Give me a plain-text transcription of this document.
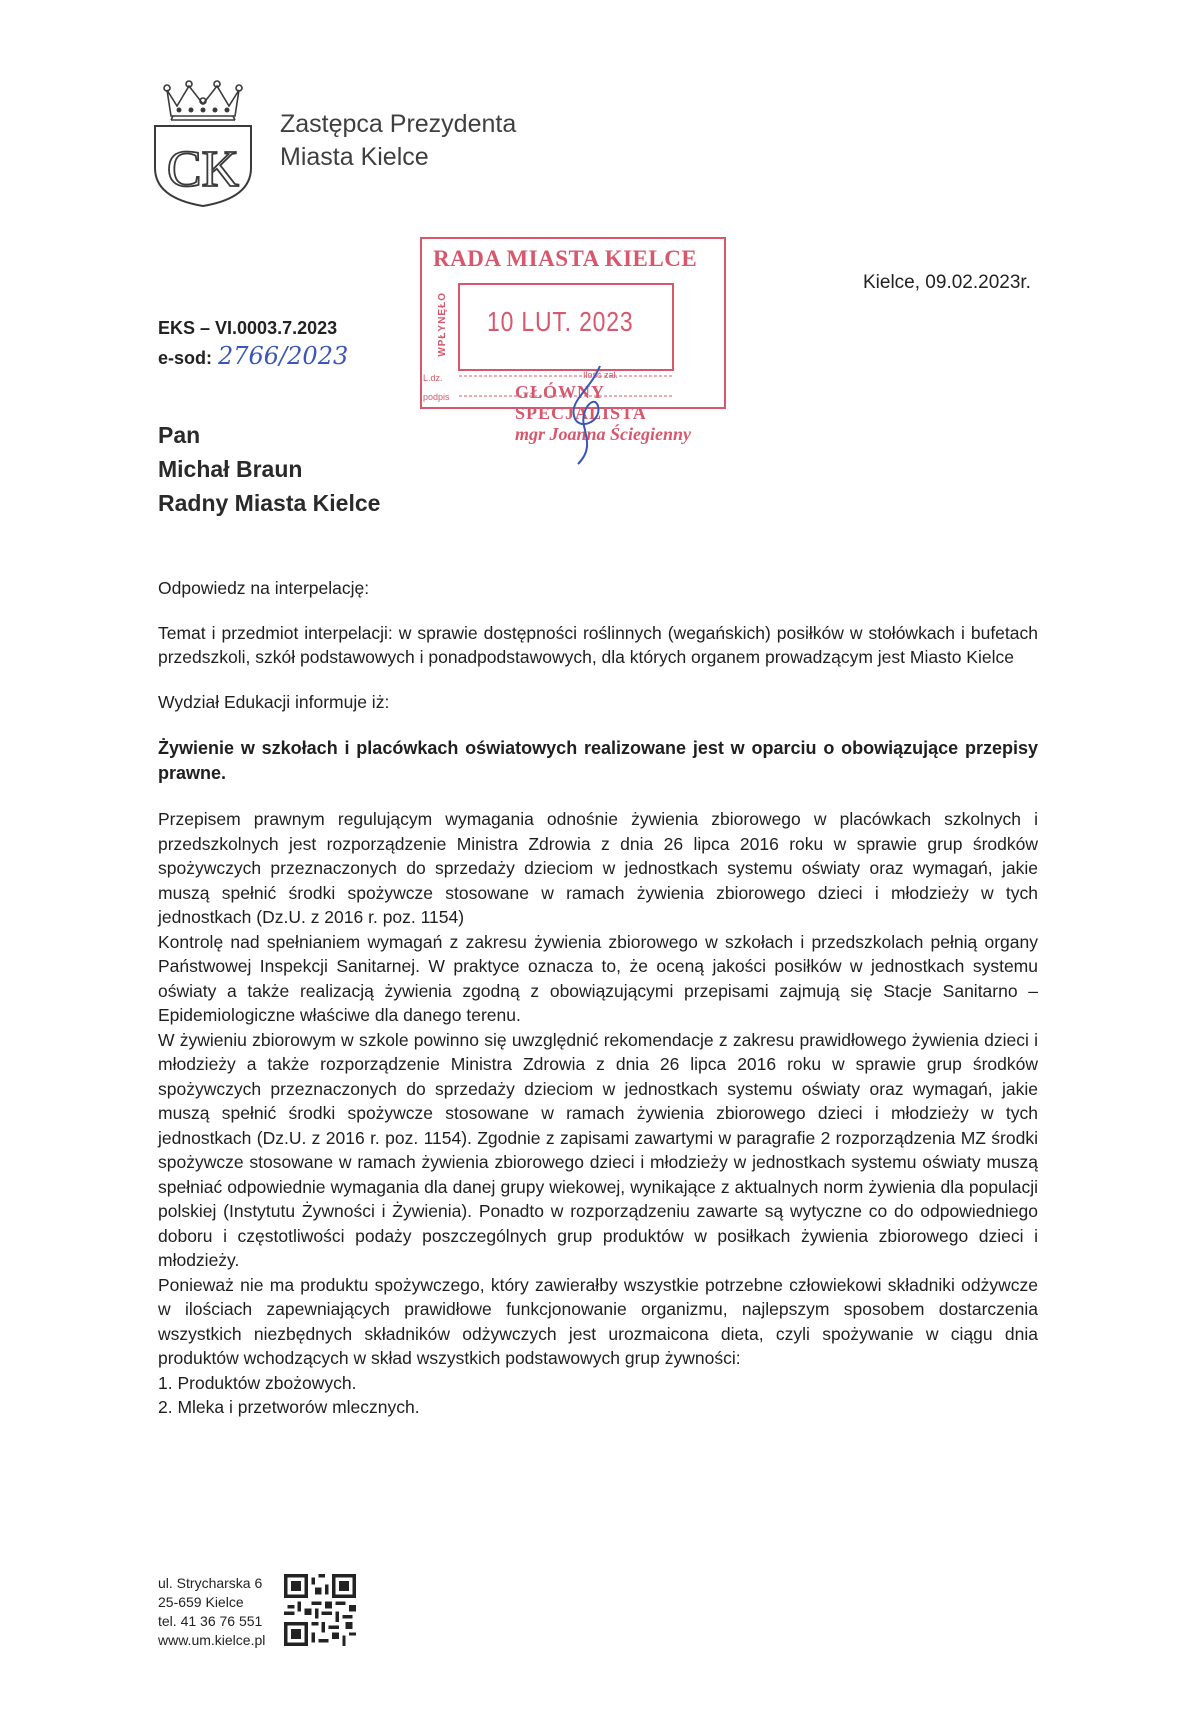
CK
Zastępca Prezydenta
Miasta Kielce
Kielce, 09.02.2023r.
EKS – VI.0003.7.2023
e-sod: 2766/2023
RADA MIASTA KIELCE
WPŁYNĘŁO 10 LUT. 2023
L.dz.	Ilość zał.
podpis	GŁÓWNY SPECJALISTA
mgr Joanna Ściegienny
Pan
Michał Braun
Radny Miasta Kielce

Odpowiedz na interpelację:

Temat i przedmiot interpelacji: w sprawie dostępności roślinnych (wegańskich) posiłków w stołówkach i bufetach przedszkoli, szkół podstawowych i ponadpodstawowych, dla których organem prowadzącym jest Miasto Kielce

Wydział Edukacji informuje iż:

Żywienie w szkołach i placówkach oświatowych realizowane jest w oparciu o obowiązujące przepisy prawne.

Przepisem prawnym regulującym wymagania odnośnie żywienia zbiorowego w placówkach szkolnych i przedszkolnych jest rozporządzenie Ministra Zdrowia z dnia 26 lipca 2016 roku w sprawie grup środków spożywczych przeznaczonych do sprzedaży dzieciom w jednostkach systemu oświaty oraz wymagań, jakie muszą spełnić środki spożywcze stosowane w ramach żywienia zbiorowego dzieci i młodzieży w tych jednostkach (Dz.U. z 2016 r. poz. 1154)

Kontrolę nad spełnianiem wymagań z zakresu żywienia zbiorowego w szkołach i przedszkolach pełnią organy Państwowej Inspekcji Sanitarnej. W praktyce oznacza to, że oceną jakości posiłków w jednostkach systemu oświaty a także realizacją żywienia zgodną z obowiązującymi przepisami zajmują się Stacje Sanitarno – Epidemiologiczne właściwe dla danego terenu.

W żywieniu zbiorowym w szkole powinno się uwzględnić rekomendacje z zakresu prawidłowego żywienia dzieci i młodzieży a także rozporządzenie Ministra Zdrowia z dnia 26 lipca 2016 roku w sprawie grup środków spożywczych przeznaczonych do sprzedaży dzieciom w jednostkach systemu oświaty oraz wymagań, jakie muszą spełnić środki spożywcze stosowane w ramach żywienia zbiorowego dzieci i młodzieży w tych jednostkach (Dz.U. z 2016 r. poz. 1154). Zgodnie z zapisami zawartymi w paragrafie 2 rozporządzenia MZ środki spożywcze stosowane w ramach żywienia zbiorowego dzieci i młodzieży w jednostkach systemu oświaty muszą spełniać odpowiednie wymagania dla danej grupy wiekowej, wynikające z aktualnych norm żywienia dla populacji polskiej (Instytutu Żywności i Żywienia). Ponadto w rozporządzeniu zawarte są wytyczne co do odpowiedniego doboru i częstotliwości podaży poszczególnych grup produktów w posiłkach żywienia zbiorowego dzieci i młodzieży.

Ponieważ nie ma produktu spożywczego, który zawierałby wszystkie potrzebne człowiekowi składniki odżywcze w ilościach zapewniających prawidłowe funkcjonowanie organizmu, najlepszym sposobem dostarczenia wszystkich niezbędnych składników odżywczych jest urozmaicona dieta, czyli spożywanie w ciągu dnia produktów wchodzących w skład wszystkich podstawowych grup żywności:

1. Produktów zbożowych.

2. Mleka i przetworów mlecznych.

ul. Strycharska 6
25-659 Kielce
tel. 41 36 76 551
www.um.kielce.pl
